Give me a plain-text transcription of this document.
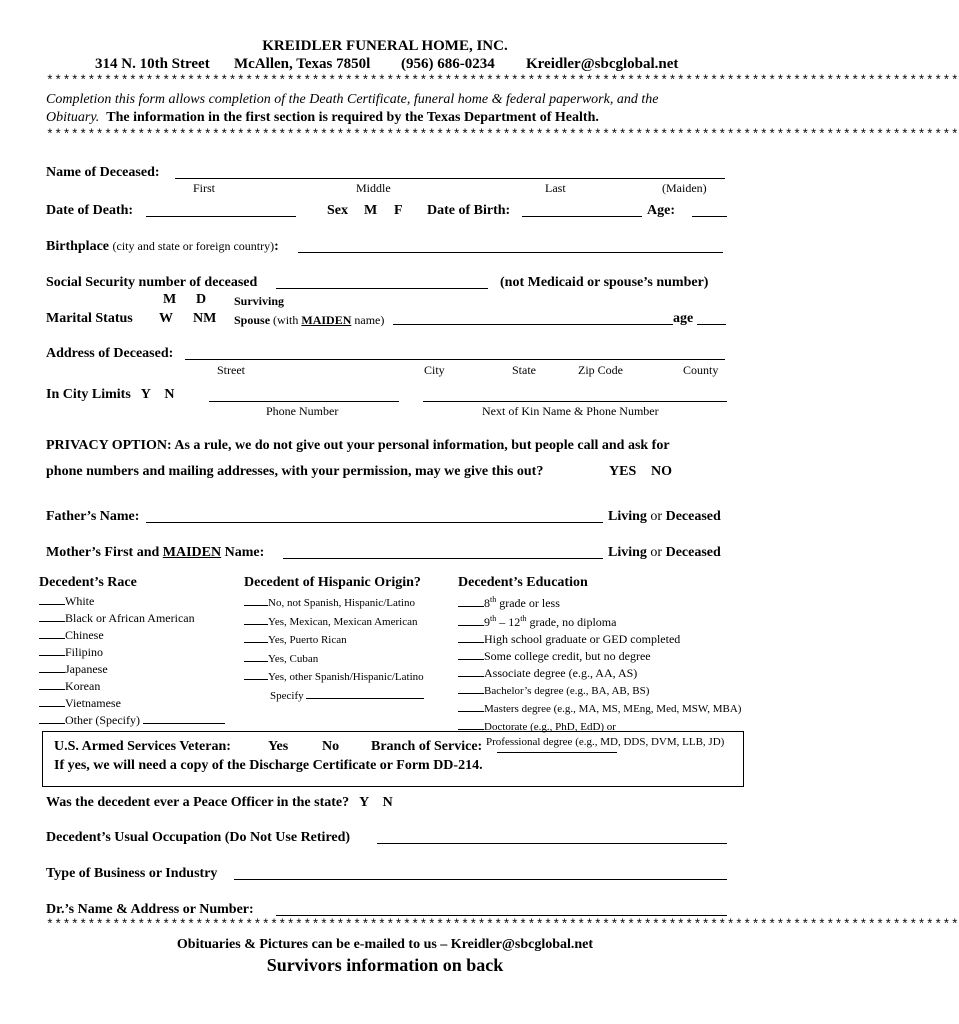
KREIDLER FUNERAL HOME, INC.
314 N. 10th Street McAllen, Texas 7850l (956) 686-0234 Kreidler@sbcglobal.net
**************************************************************************************************************
Completion this form allows completion of the Death Certificate, funeral home & federal paperwork, and the
Obituary. The information in the first section is required by the Texas Department of Health.
**************************************************************************************************************
Name of Deceased:
First	Middle	Last	(Maiden)
Date of Death:	Sex M F Date of Birth:	Age:
Birthplace (city and state or foreign country):
Social Security number of deceased	(not Medicaid or spouse’s number)
M D Surviving
Marital Status W NM Spouse (with MAIDEN name)	age
Address of Deceased:
Street	City	State	Zip Code	County
In City Limits   Y    N
Phone Number	Next of Kin Name & Phone Number
PRIVACY OPTION: As a rule, we do not give out your personal information, but people call and ask for
phone numbers and mailing addresses, with your permission, may we give this out?	YES NO
Father’s Name:	Living or Deceased
Mother’s First and MAIDEN Name:	Living or Deceased
Decedent’s Race
White
Black or African American
Chinese
Filipino
Japanese
Korean
Vietnamese
Other (Specify)
Decedent of Hispanic Origin?
No, not Spanish, Hispanic/Latino
Yes, Mexican, Mexican American
Yes, Puerto Rican
Yes, Cuban
Yes, other Spanish/Hispanic/Latino
Specify
Decedent’s Education
8th grade or less
9th – 12th grade, no diploma
High school graduate or GED completed
Some college credit, but no degree
Associate degree (e.g., AA, AS)
Bachelor’s degree (e.g., BA, AB, BS)
Masters degree (e.g., MA, MS, MEng, Med, MSW, MBA)
Doctorate (e.g., PhD, EdD) or
Professional degree (e.g., MD, DDS, DVM, LLB, JD)
U.S. Armed Services Veteran:	Yes No Branch of Service:
If yes, we will need a copy of the Discharge Certificate or Form DD-214.
Was the decedent ever a Peace Officer in the state?   Y    N
Decedent’s Usual Occupation (Do Not Use Retired)
Type of Business or Industry
Dr.’s Name & Address or Number:
**************************************************************************************************************
Obituaries & Pictures can be e-mailed to us – Kreidler@sbcglobal.net
Survivors information on back
